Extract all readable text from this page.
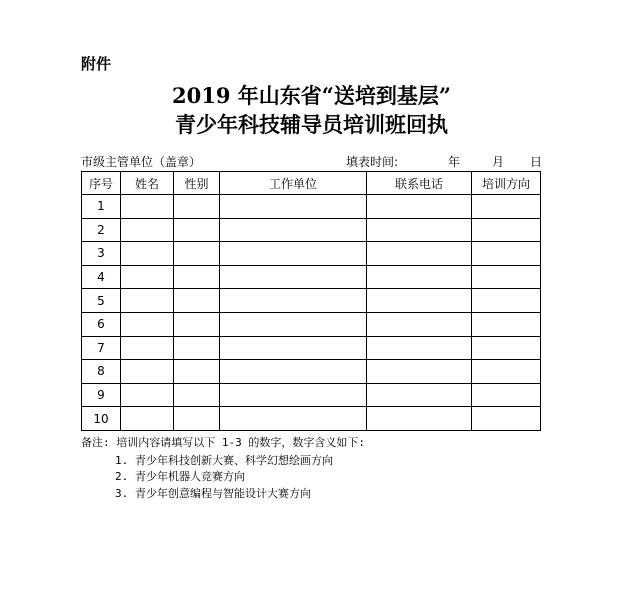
附件
2019 年山东省“送培到基层”
青少年科技辅导员培训班回执
市级主管单位（盖章）	填表时间:	年	月 日
序号	姓名	性别	工作单位	联系电话	培训方向
1					
2					
3					
4					
5					
6					
7					
8					
9					
10					
备注: 培训内容请填写以下 1-3 的数字，数字含义如下:
1. 青少年科技创新大赛、科学幻想绘画方向
2. 青少年机器人竞赛方向
3. 青少年创意编程与智能设计大赛方向
